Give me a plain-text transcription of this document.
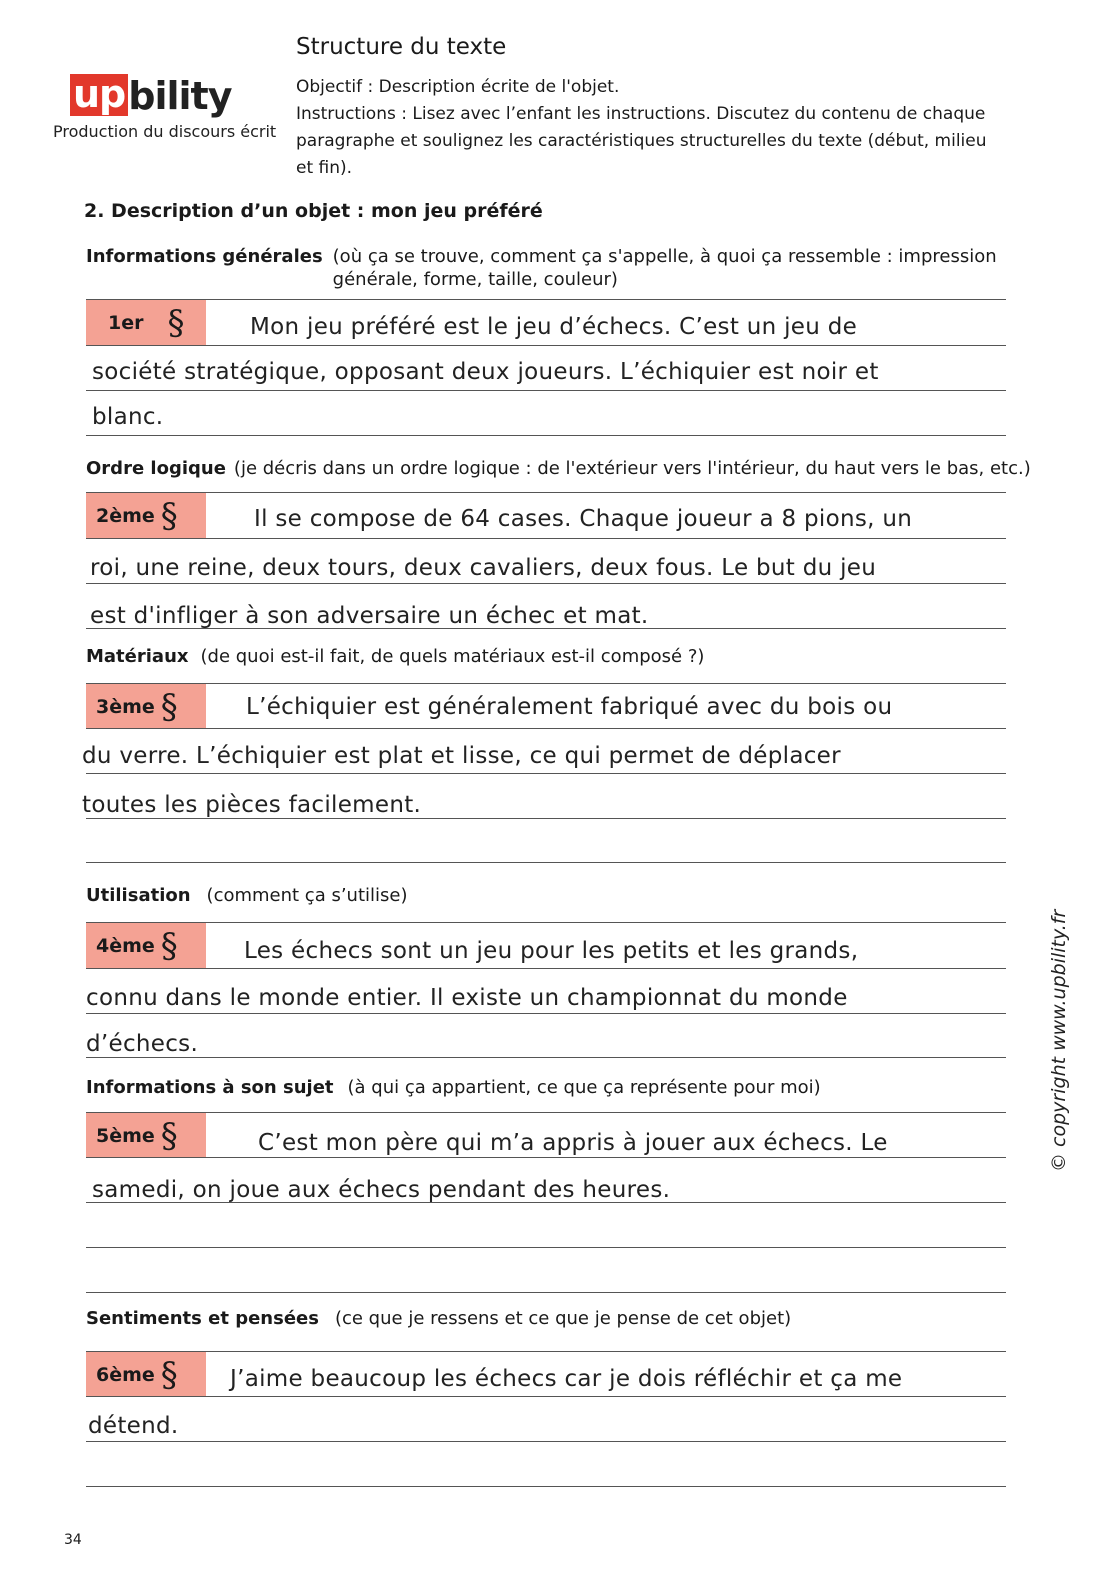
up bility
Production du discours écrit
Structure du texte
Objectif : Description écrite de l'objet.
Instructions : Lisez avec l’enfant les instructions. Discutez du contenu de chaque
paragraphe et soulignez les caractéristiques structurelles du texte (début, milieu
et fin).
2. Description d’un objet : mon jeu préféré
Informations générales (où ça se trouve, comment ça s'appelle, à quoi ça ressemble : impression générale, forme, taille, couleur)
1er §	Mon jeu préféré est le jeu d’échecs. C’est un jeu de
société stratégique, opposant deux joueurs. L’échiquier est noir et
blanc.
Ordre logique (je décris dans un ordre logique : de l'extérieur vers l'intérieur, du haut vers le bas, etc.)
2ème §	Il se compose de 64 cases. Chaque joueur a 8 pions, un
roi, une reine, deux tours, deux cavaliers, deux fous. Le but du jeu
est d'infliger à son adversaire un échec et mat.
Matériaux (de quoi est-il fait, de quels matériaux est-il composé ?)
3ème §	L’échiquier est généralement fabriqué avec du bois ou
du verre. L’échiquier est plat et lisse, ce qui permet de déplacer
toutes les pièces facilement.
Utilisation (comment ça s’utilise)
4ème §	Les échecs sont un jeu pour les petits et les grands,
connu dans le monde entier. Il existe un championnat du monde
d’échecs.
Informations à son sujet (à qui ça appartient, ce que ça représente pour moi)
5ème §	C’est mon père qui m’a appris à jouer aux échecs. Le
samedi, on joue aux échecs pendant des heures.
Sentiments et pensées (ce que je ressens et ce que je pense de cet objet)
6ème § J’aime beaucoup les échecs car je dois réfléchir et ça me
détend.
© copyright www.upbility.fr
34
